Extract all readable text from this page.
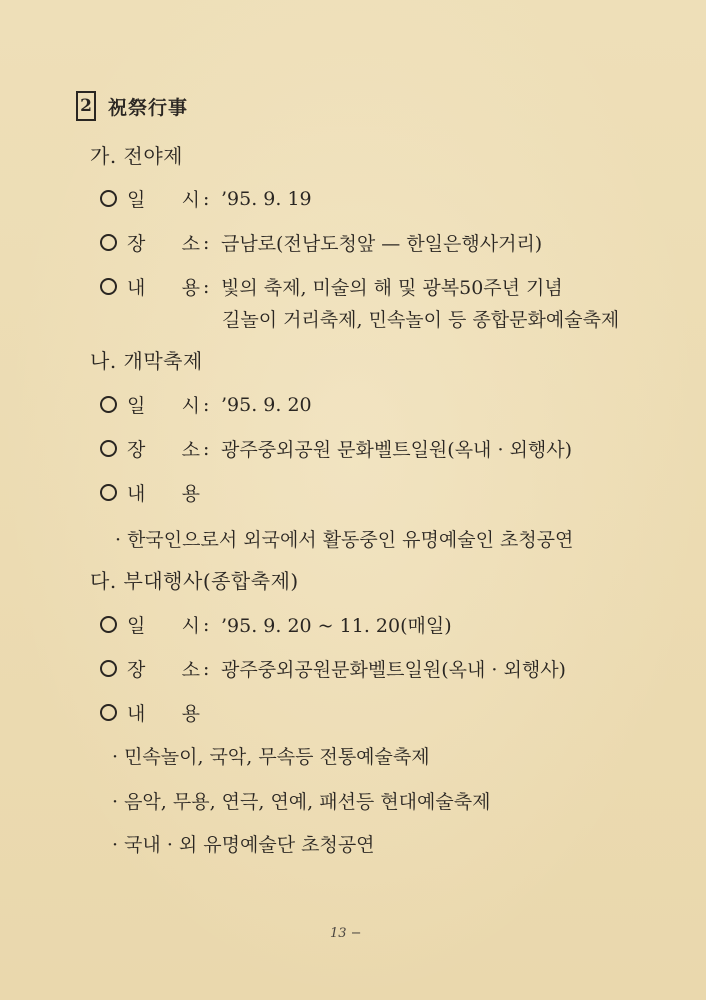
2 祝祭行事
가. 전야제
일      시 : ’95. 9. 19
장      소 : 금남로(전남도청앞 — 한일은행사거리)
내      용 : 빛의 축제, 미술의 해 및 광복50주년 기념
길놀이 거리축제, 민속놀이 등 종합문화예술축제
나. 개막축제
일      시 : ’95. 9. 20
장      소 : 광주중외공원 문화벨트일원(옥내 · 외행사)
내      용
· 한국인으로서 외국에서 활동중인 유명예술인 초청공연
다. 부대행사(종합축제)
일      시 : ’95. 9. 20 ~ 11. 20(매일)
장      소 : 광주중외공원문화벨트일원(옥내 · 외행사)
내      용
· 민속놀이, 국악, 무속등 전통예술축제
· 음악, 무용, 연극, 연예, 패션등 현대예술축제
· 국내 · 외 유명예술단 초청공연
13 −
